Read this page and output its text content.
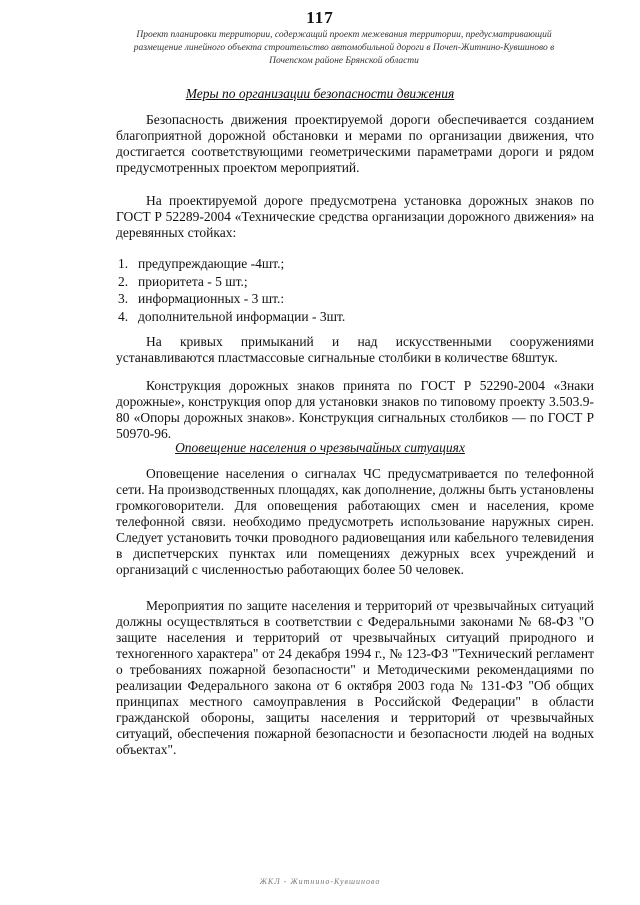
117
Проект планировки территории, содержащий проект межевания территории, предусматривающий
размещение линейного объекта строительство автомобильной дороги в Почеп-Житнино-Кувшиново в
Почепском районе Брянской области
Меры по организации безопасности движения

Безопасность движения проектируемой дороги обеспечивается созданием благоприятной дорожной обстановки и мерами по организации движения, что достигается соответствующими геометрическими параметрами дороги и рядом предусмотренных проектом мероприятий.

На проектируемой дороге предусмотрена установка дорожных знаков по ГОСТ Р 52289-2004 «Технические средства организации дорожного движения» на деревянных стойках:

1. предупреждающие -4шт.;
2. приоритета - 5 шт.;
3. информационных - 3 шт.:
4. дополнительной информации - 3шт.

На кривых примыканий и над искусственными сооружениями устанавливаются пластмассовые сигнальные столбики в количестве 68штук.

Конструкция дорожных знаков принята по ГОСТ Р 52290-2004 «Знаки дорожные», конструкция опор для установки знаков по типовому проекту 3.503.9-80 «Опоры дорожных знаков». Конструкция сигнальных столбиков — по ГОСТ Р 50970-96.

Оповещение населения о чрезвычайных ситуациях

Оповещение населения о сигналах ЧС предусматривается по телефонной сети. На производственных площадях, как дополнение, должны быть установлены громкоговорители. Для оповещения работающих смен и населения, кроме телефонной связи. необходимо предусмотреть использование наружных сирен. Следует установить точки проводного радиовещания или кабельного телевидения в диспетчерских пунктах или помещениях дежурных всех учреждений и организаций с численностью работающих более 50 человек.

Мероприятия по защите населения и территорий от чрезвычайных ситуаций должны осуществляться в соответствии с Федеральными законами № 68-ФЗ "О защите населения и территорий от чрезвычайных ситуаций природного и техногенного характера" от 24 декабря 1994 г., № 123-ФЗ "Технический регламент о требованиях пожарной безопасности" и Методическими рекомендациями по реализации Федерального закона от 6 октября 2003 года № 131-ФЗ "Об общих принципах местного самоуправления в Российской Федерации" в области гражданской обороны, защиты населения и территорий от чрезвычайных ситуаций, обеспечения пожарной безопасности и безопасности людей на водных объектах".

ЖКЛ - Житнино-Кувшиново
